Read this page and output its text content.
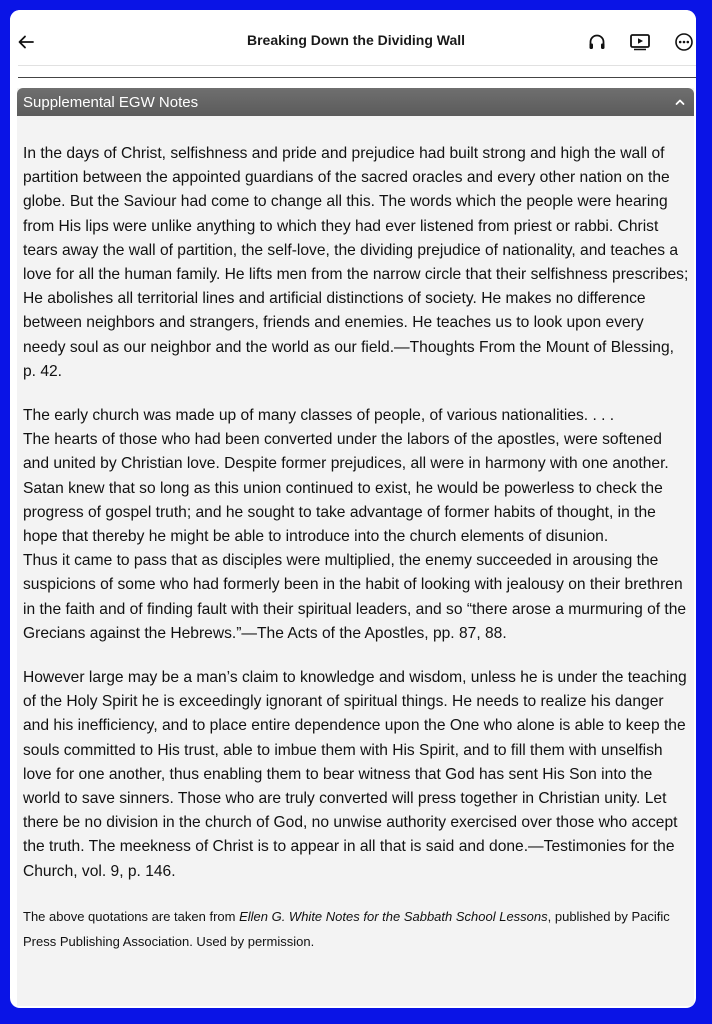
Breaking Down the Dividing Wall
Supplemental EGW Notes

In the days of Christ, selfishness and pride and prejudice had built strong and high the wall of partition between the appointed guardians of the sacred oracles and every other nation on the globe. But the Saviour had come to change all this. The words which the people were hearing from His lips were unlike anything to which they had ever listened from priest or rabbi. Christ tears away the wall of partition, the self-love, the dividing prejudice of nationality, and teaches a love for all the human family. He lifts men from the narrow circle that their selfishness prescribes; He abolishes all territorial lines and artificial distinctions of society. He makes no difference between neighbors and strangers, friends and enemies. He teaches us to look upon every needy soul as our neighbor and the world as our field.—Thoughts From the Mount of Blessing, p. 42.

The early church was made up of many classes of people, of various nationalities. . . .
The hearts of those who had been converted under the labors of the apostles, were softened and united by Christian love. Despite former prejudices, all were in harmony with one another. Satan knew that so long as this union continued to exist, he would be powerless to check the progress of gospel truth; and he sought to take advantage of former habits of thought, in the hope that thereby he might be able to introduce into the church elements of disunion.
Thus it came to pass that as disciples were multiplied, the enemy succeeded in arousing the suspicions of some who had formerly been in the habit of looking with jealousy on their brethren in the faith and of finding fault with their spiritual leaders, and so “there arose a murmuring of the Grecians against the Hebrews.”—The Acts of the Apostles, pp. 87, 88.

However large may be a man’s claim to knowledge and wisdom, unless he is under the teaching of the Holy Spirit he is exceedingly ignorant of spiritual things. He needs to realize his danger and his inefficiency, and to place entire dependence upon the One who alone is able to keep the souls committed to His trust, able to imbue them with His Spirit, and to fill them with unselfish love for one another, thus enabling them to bear witness that God has sent His Son into the world to save sinners. Those who are truly converted will press together in Christian unity. Let there be no division in the church of God, no unwise authority exercised over those who accept the truth. The meekness of Christ is to appear in all that is said and done.—Testimonies for the Church, vol. 9, p. 146.

The above quotations are taken from Ellen G. White Notes for the Sabbath School Lessons, published by Pacific Press Publishing Association. Used by permission.
